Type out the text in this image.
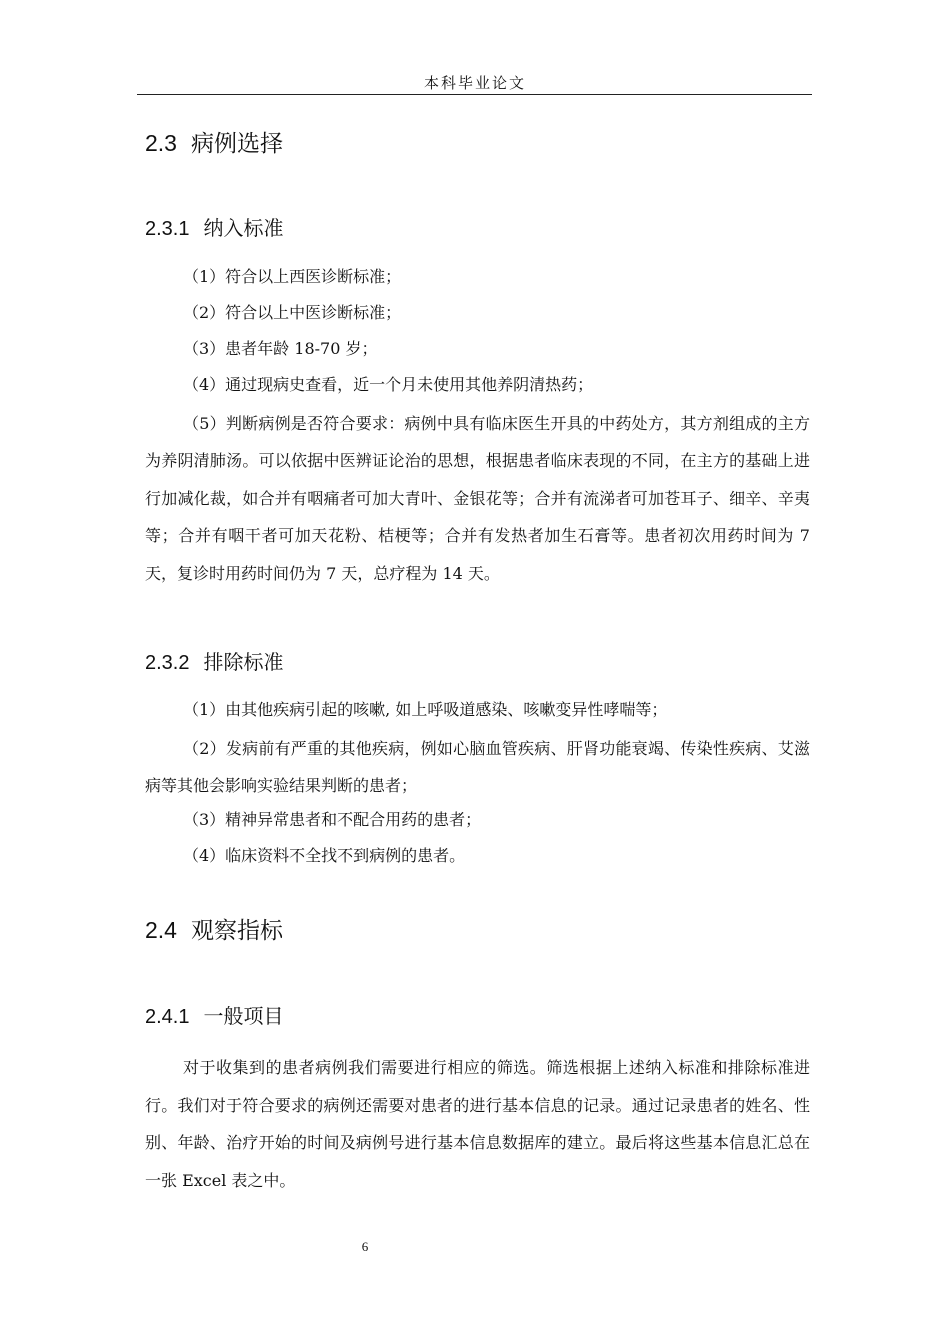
本科毕业论文
2.3 病例选择
2.3.1 纳入标准
（1）符合以上西医诊断标准；
（2）符合以上中医诊断标准；
（3）患者年龄 18-70 岁；
（4）通过现病史查看，近一个月未使用其他养阴清热药；
（5）判断病例是否符合要求：病例中具有临床医生开具的中药处方，其方剂组成的主方为养阴清肺汤。可以依据中医辨证论治的思想，根据患者临床表现的不同，在主方的基础上进行加减化裁，如合并有咽痛者可加大青叶、金银花等；合并有流涕者可加苍耳子、细辛、辛夷等；合并有咽干者可加天花粉、桔梗等；合并有发热者加生石膏等。患者初次用药时间为 7 天，复诊时用药时间仍为 7 天，总疗程为 14 天。
2.3.2 排除标准
（1）由其他疾病引起的咳嗽, 如上呼吸道感染、咳嗽变异性哮喘等；
（2）发病前有严重的其他疾病，例如心脑血管疾病、肝肾功能衰竭、传染性疾病、艾滋病等其他会影响实验结果判断的患者；
（3）精神异常患者和不配合用药的患者；
（4）临床资料不全找不到病例的患者。
2.4 观察指标
2.4.1 一般项目
对于收集到的患者病例我们需要进行相应的筛选。筛选根据上述纳入标准和排除标准进行。我们对于符合要求的病例还需要对患者的进行基本信息的记录。通过记录患者的姓名、性别、年龄、治疗开始的时间及病例号进行基本信息数据库的建立。最后将这些基本信息汇总在一张 Excel 表之中。
6
